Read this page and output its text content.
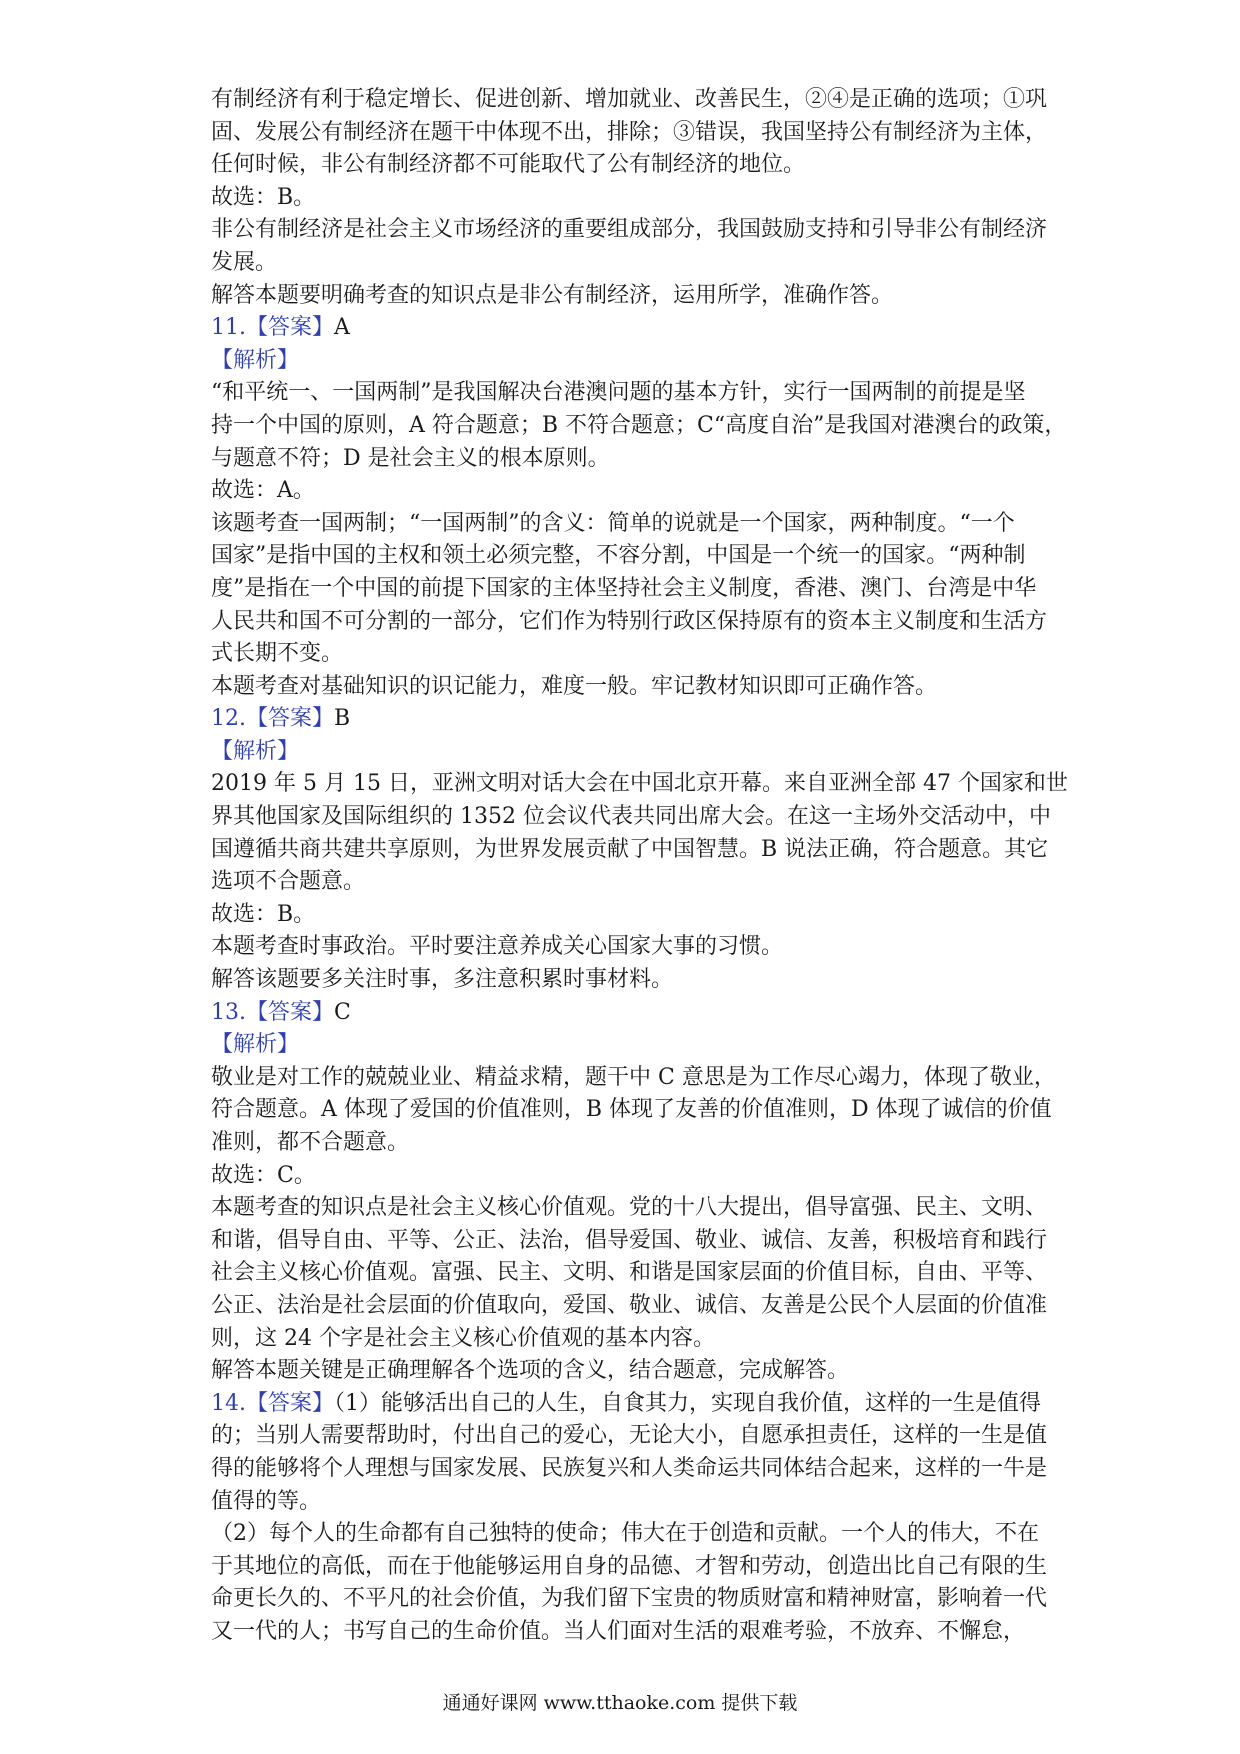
有制经济有利于稳定增长、促进创新、增加就业、改善民生，②④是正确的选项；①巩
固、发展公有制经济在题干中体现不出，排除；③错误，我国坚持公有制经济为主体，
任何时候，非公有制经济都不可能取代了公有制经济的地位。
故选：B。
非公有制经济是社会主义市场经济的重要组成部分，我国鼓励支持和引导非公有制经济
发展。
解答本题要明确考查的知识点是非公有制经济，运用所学，准确作答。
11.【答案】A
【解析】
“和平统一、一国两制”是我国解决台港澳问题的基本方针，实行一国两制的前提是坚
持一个中国的原则，A 符合题意；B 不符合题意；C“高度自治”是我国对港澳台的政策，
与题意不符；D 是社会主义的根本原则。
故选：A。
该题考查一国两制；“一国两制”的含义：简单的说就是一个国家，两种制度。“一个
国家”是指中国的主权和领土必须完整，不容分割，中国是一个统一的国家。“两种制
度”是指在一个中国的前提下国家的主体坚持社会主义制度，香港、澳门、台湾是中华
人民共和国不可分割的一部分，它们作为特别行政区保持原有的资本主义制度和生活方
式长期不变。
本题考查对基础知识的识记能力，难度一般。牢记教材知识即可正确作答。
12.【答案】B
【解析】
2019 年 5 月 15 日，亚洲文明对话大会在中国北京开幕。来自亚洲全部 47 个国家和世
界其他国家及国际组织的 1352 位会议代表共同出席大会。在这一主场外交活动中，中
国遵循共商共建共享原则，为世界发展贡献了中国智慧。B 说法正确，符合题意。其它
选项不合题意。
故选：B。
本题考查时事政治。平时要注意养成关心国家大事的习惯。
解答该题要多关注时事，多注意积累时事材料。
13.【答案】C
【解析】
敬业是对工作的兢兢业业、精益求精，题干中 C 意思是为工作尽心竭力，体现了敬业，
符合题意。A 体现了爱国的价值准则，B 体现了友善的价值准则，D 体现了诚信的价值
准则，都不合题意。
故选：C。
本题考查的知识点是社会主义核心价值观。党的十八大提出，倡导富强、民主、文明、
和谐，倡导自由、平等、公正、法治，倡导爱国、敬业、诚信、友善，积极培育和践行
社会主义核心价值观。富强、民主、文明、和谐是国家层面的价值目标，自由、平等、
公正、法治是社会层面的价值取向，爱国、敬业、诚信、友善是公民个人层面的价值准
则，这 24 个字是社会主义核心价值观的基本内容。
解答本题关键是正确理解各个选项的含义，结合题意，完成解答。
14.【答案】（1）能够活出自己的人生，自食其力，实现自我价值，这样的一生是值得
的；当别人需要帮助时，付出自己的爱心，无论大小，自愿承担责任，这样的一生是值
得的能够将个人理想与国家发展、民族复兴和人类命运共同体结合起来，这样的一牛是
值得的等。
（2）每个人的生命都有自己独特的使命；伟大在于创造和贡献。一个人的伟大，不在
于其地位的高低，而在于他能够运用自身的品德、才智和劳动，创造出比自己有限的生
命更长久的、不平凡的社会价值，为我们留下宝贵的物质财富和精神财富，影响着一代
又一代的人；书写自己的生命价值。当人们面对生活的艰难考验，不放弃、不懈怠，
通通好课网 www.tthaoke.com 提供下载
